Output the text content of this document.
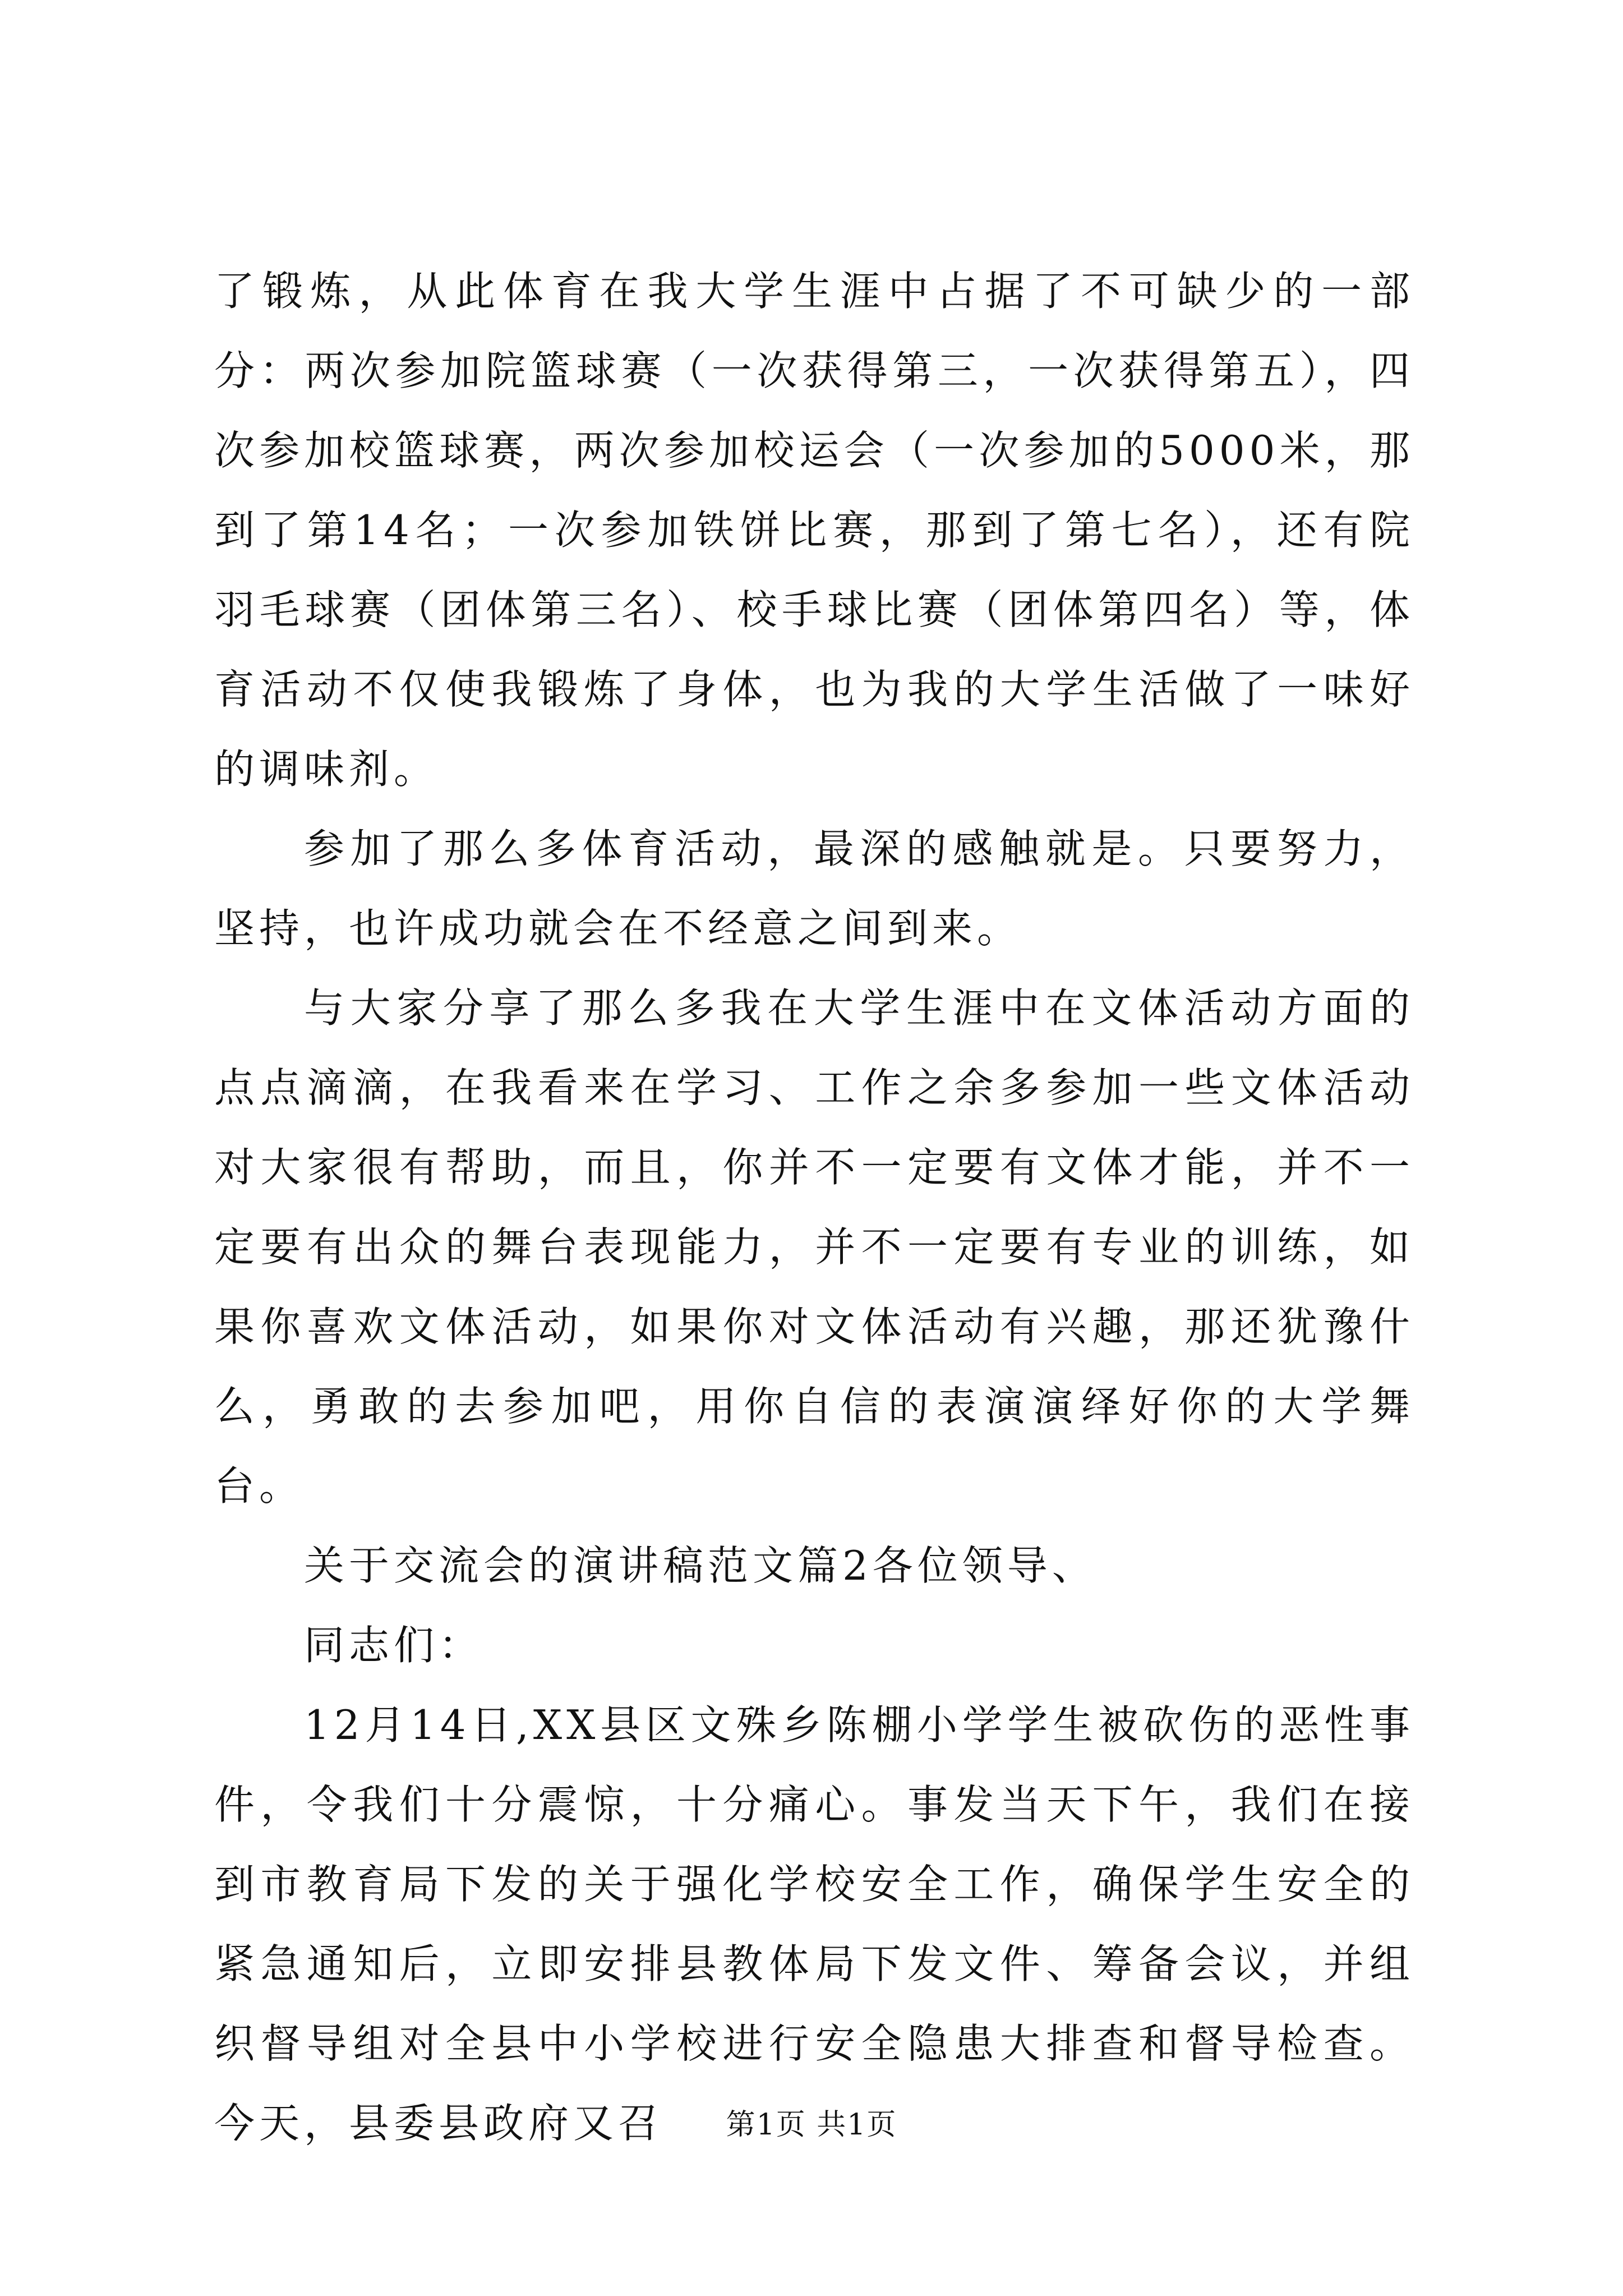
了锻炼，从此体育在我大学生涯中占据了不可缺少的一部分：两次参加院篮球赛（一次获得第三，一次获得第五），四次参加校篮球赛，两次参加校运会（一次参加的5000米，那到了第14名；一次参加铁饼比赛，那到了第七名），还有院羽毛球赛（团体第三名）、校手球比赛（团体第四名）等，体育活动不仅使我锻炼了身体，也为我的大学生活做了一味好的调味剂。

参加了那么多体育活动，最深的感触就是。只要努力，坚持，也许成功就会在不经意之间到来。

与大家分享了那么多我在大学生涯中在文体活动方面的点点滴滴，在我看来在学习、工作之余多参加一些文体活动对大家很有帮助，而且，你并不一定要有文体才能，并不一定要有出众的舞台表现能力，并不一定要有专业的训练，如果你喜欢文体活动，如果你对文体活动有兴趣，那还犹豫什么，勇敢的去参加吧，用你自信的表演演绎好你的大学舞台。

关于交流会的演讲稿范文篇2各位领导、

同志们：

12月14日,XX县区文殊乡陈棚小学学生被砍伤的恶性事件，令我们十分震惊，十分痛心。事发当天下午，我们在接到市教育局下发的关于强化学校安全工作，确保学生安全的紧急通知后，立即安排县教体局下发文件、筹备会议，并组织督导组对全县中小学校进行安全隐患大排查和督导检查。今天，县委县政府又召	第1页 共1页
